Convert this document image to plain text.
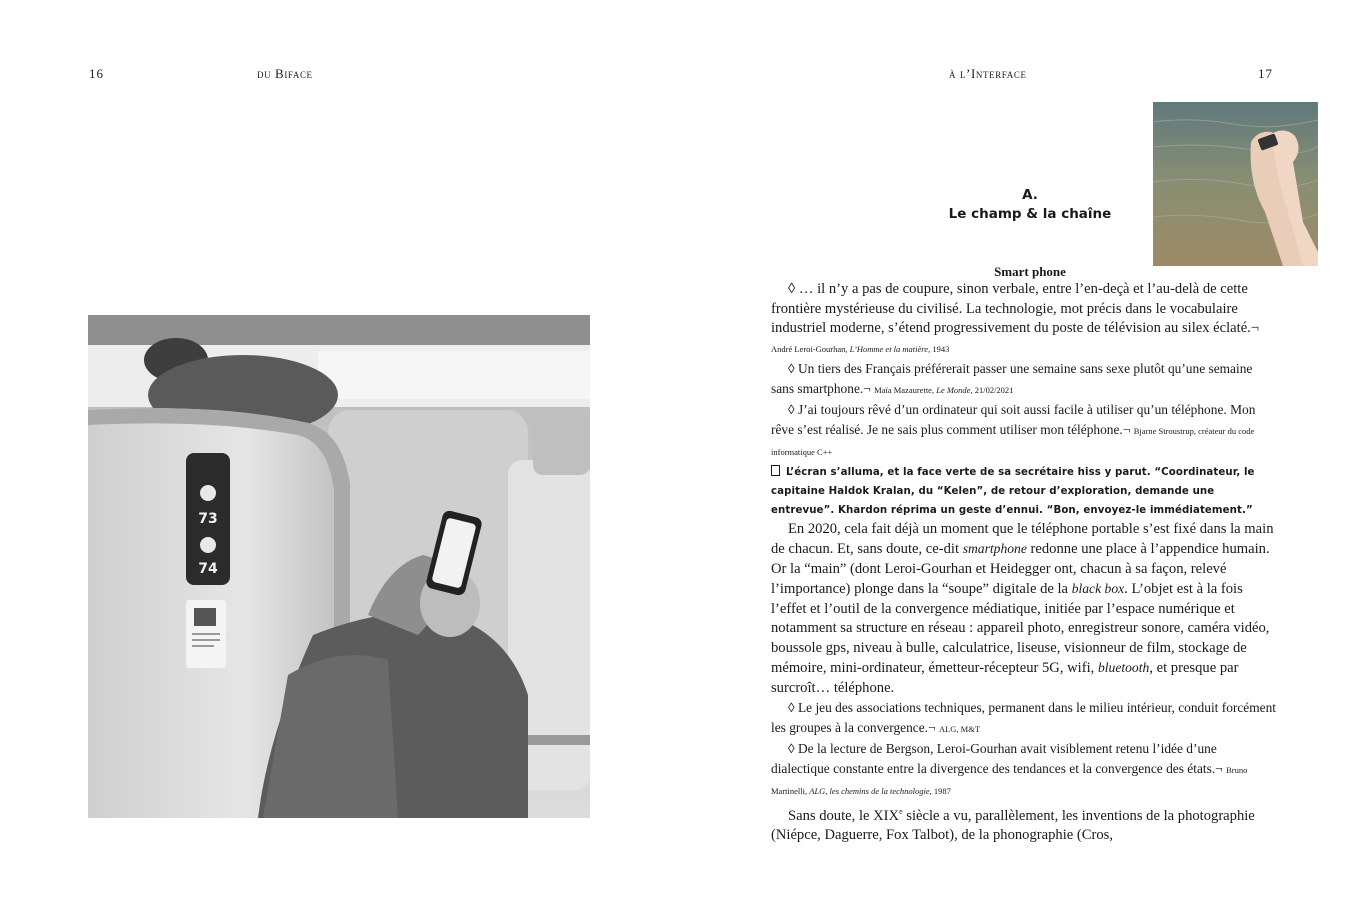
16	du Biface
73
74
à l’Interface	17
A.
Le champ & la chaîne
Smart phone

◊ … il n’y a pas de coupure, sinon verbale, entre l’en-deçà et l’au-delà de cette frontière mystérieuse du civilisé. La technologie, mot précis dans le vocabulaire industriel moderne, s’étend progressivement du poste de télévision au silex éclaté.¬ André Leroi-Gourhan, L’Homme et la matière, 1943

◊ Un tiers des Français préférerait passer une semaine sans sexe plutôt qu’une semaine sans smartphone.¬ Maïa Mazaurette, Le Monde, 21/02/2021

◊ J’ai toujours rêvé d’un ordinateur qui soit aussi facile à utiliser qu’un téléphone. Mon rêve s’est réalisé. Je ne sais plus comment utiliser mon téléphone.¬ Bjarne Stroustrup, créateur du code informatique C++

L’écran s’alluma, et la face verte de sa secrétaire hiss y parut. “Coordinateur, le capitaine Haldok Kralan, du “Kelen”, de retour d’exploration, demande une entrevue”. Khardon réprima un geste d’ennui. “Bon, envoyez-le immédiatement.”

En 2020, cela fait déjà un moment que le téléphone portable s’est fixé dans la main de chacun. Et, sans doute, ce-dit smartphone redonne une place à l’appendice humain. Or la “main” (dont Leroi-Gourhan et Heidegger ont, chacun à sa façon, relevé l’importance) plonge dans la “soupe” digitale de la black box. L’objet est à la fois l’effet et l’outil de la convergence médiatique, initiée par l’espace numérique et notamment sa structure en réseau : appareil photo, enregistreur sonore, caméra vidéo, boussole gps, niveau à bulle, calculatrice, liseuse, visionneur de film, stockage de mémoire, mini-ordinateur, émetteur-récepteur 5G, wifi, bluetooth, et presque par surcroît… téléphone.

◊ Le jeu des associations techniques, permanent dans le milieu intérieur, conduit forcément les groupes à la convergence.¬ ALG, M&T

◊ De la lecture de Bergson, Leroi-Gourhan avait visiblement retenu l’idée d’une dialectique constante entre la divergence des tendances et la convergence des états.¬ Bruno Martinelli, ALG, les chemins de la technologie, 1987

Sans doute, le XIXe siècle a vu, parallèlement, les inventions de la photographie (Niépce, Daguerre, Fox Talbot), de la phonographie (Cros,
